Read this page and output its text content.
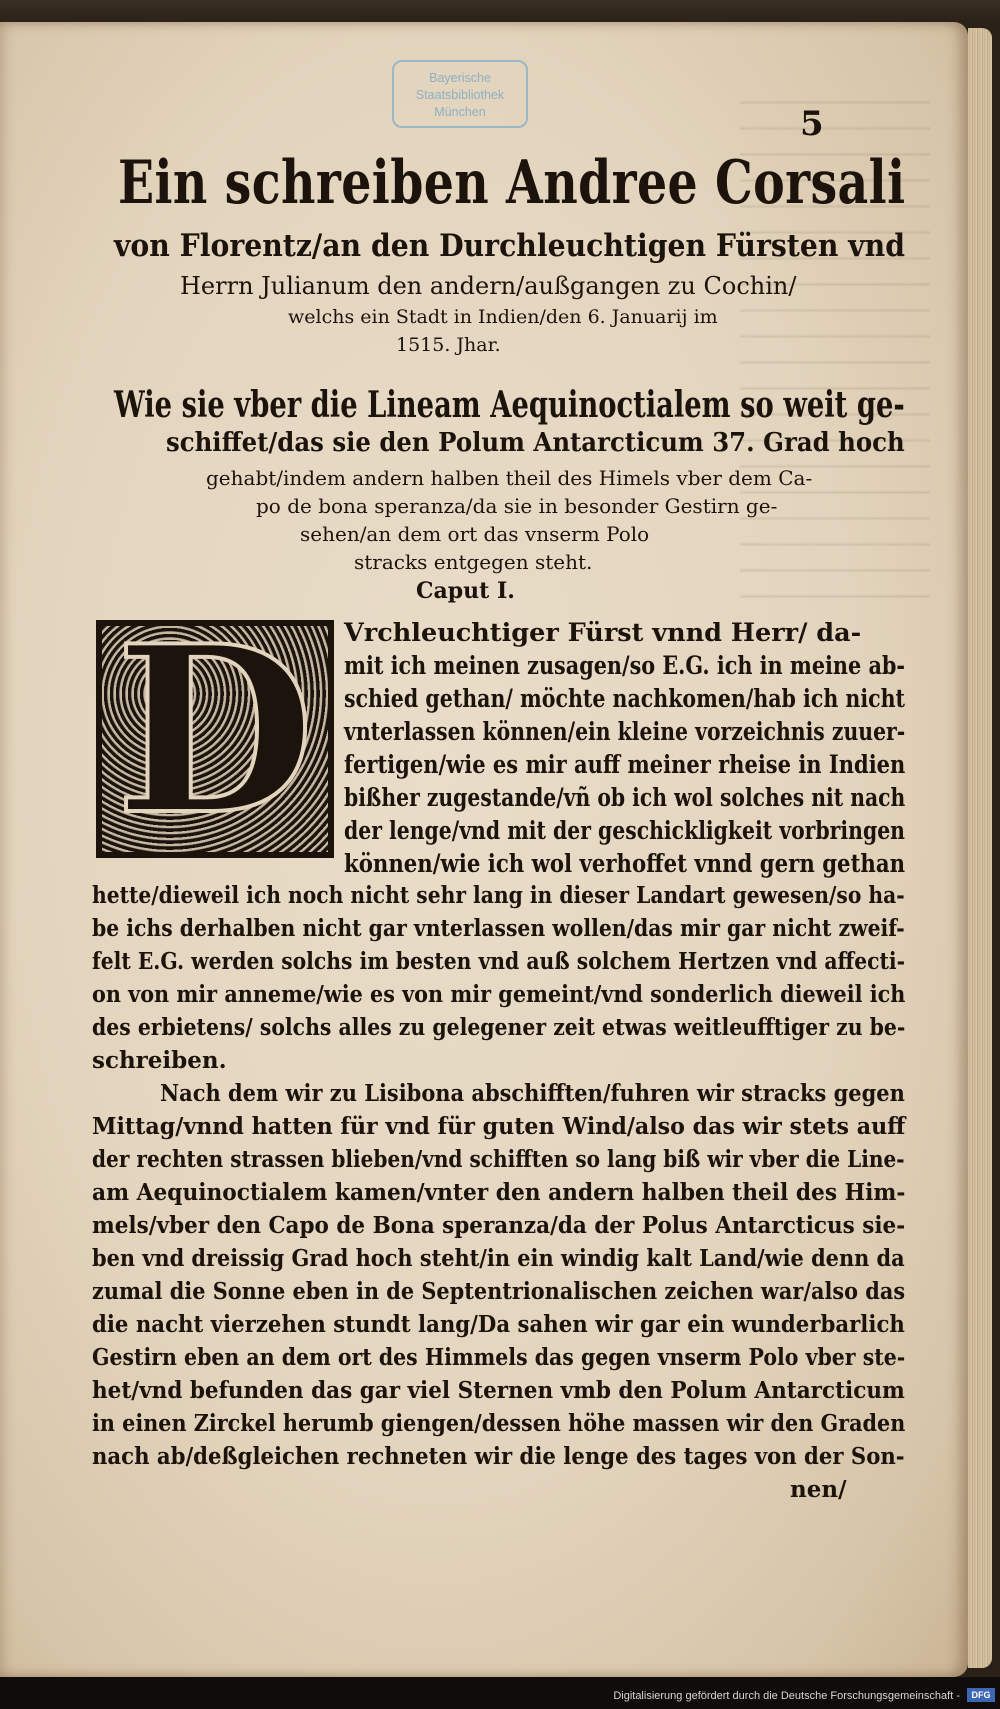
Bayerische
Staatsbibliothek
München	5
Ein schreiben Andree Corsali
von Florentz/an den Durchleuchtigen Fürsten vnd
Herrn Julianum den andern/außgangen zu Cochin/
welchs ein Stadt in Indien/den 6. Januarij im
1515. Jhar.
Wie sie vber die Lineam Aequinoctialem so weit ge-
schiffet/das sie den Polum Antarcticum 37. Grad hoch
gehabt/indem andern halben theil des Himels vber dem Ca-
po de bona speranza/da sie in besonder Gestirn ge-
sehen/an dem ort das vnserm Polo
stracks entgegen steht.
Caput I.
D	Vrchleuchtiger Fürst vnnd Herr/ da-
mit ich meinen zusagen/so E.G. ich in meine ab-
schied gethan/ möchte nachkomen/hab ich nicht
vnterlassen können/ein kleine vorzeichnis zuuer-
fertigen/wie es mir auff meiner rheise in Indien
bißher zugestande/vñ ob ich wol solches nit nach
der lenge/vnd mit der geschickligkeit vorbringen
können/wie ich wol verhoffet vnnd gern gethan
hette/dieweil ich noch nicht sehr lang in dieser Landart gewesen/so ha-
be ichs derhalben nicht gar vnterlassen wollen/das mir gar nicht zweif-
felt E.G. werden solchs im besten vnd auß solchem Hertzen vnd affecti-
on von mir anneme/wie es von mir gemeint/vnd sonderlich dieweil ich
des erbietens/ solchs alles zu gelegener zeit etwas weitleufftiger zu be-
schreiben.
Nach dem wir zu Lisibona abschifften/fuhren wir stracks gegen
Mittag/vnnd hatten für vnd für guten Wind/also das wir stets auff
der rechten strassen blieben/vnd schifften so lang biß wir vber die Line-
am Aequinoctialem kamen/vnter den andern halben theil des Him-
mels/vber den Capo de Bona speranza/da der Polus Antarcticus sie-
ben vnd dreissig Grad hoch steht/in ein windig kalt Land/wie denn da
zumal die Sonne eben in de Septentrionalischen zeichen war/also das
die nacht vierzehen stundt lang/Da sahen wir gar ein wunderbarlich
Gestirn eben an dem ort des Himmels das gegen vnserm Polo vber ste-
het/vnd befunden das gar viel Sternen vmb den Polum Antarcticum
in einen Zirckel herumb giengen/dessen höhe massen wir den Graden
nach ab/deßgleichen rechneten wir die lenge des tages von der Son-
nen/
Digitalisierung gefördert durch die Deutsche Forschungsgemeinschaft -	DFG
